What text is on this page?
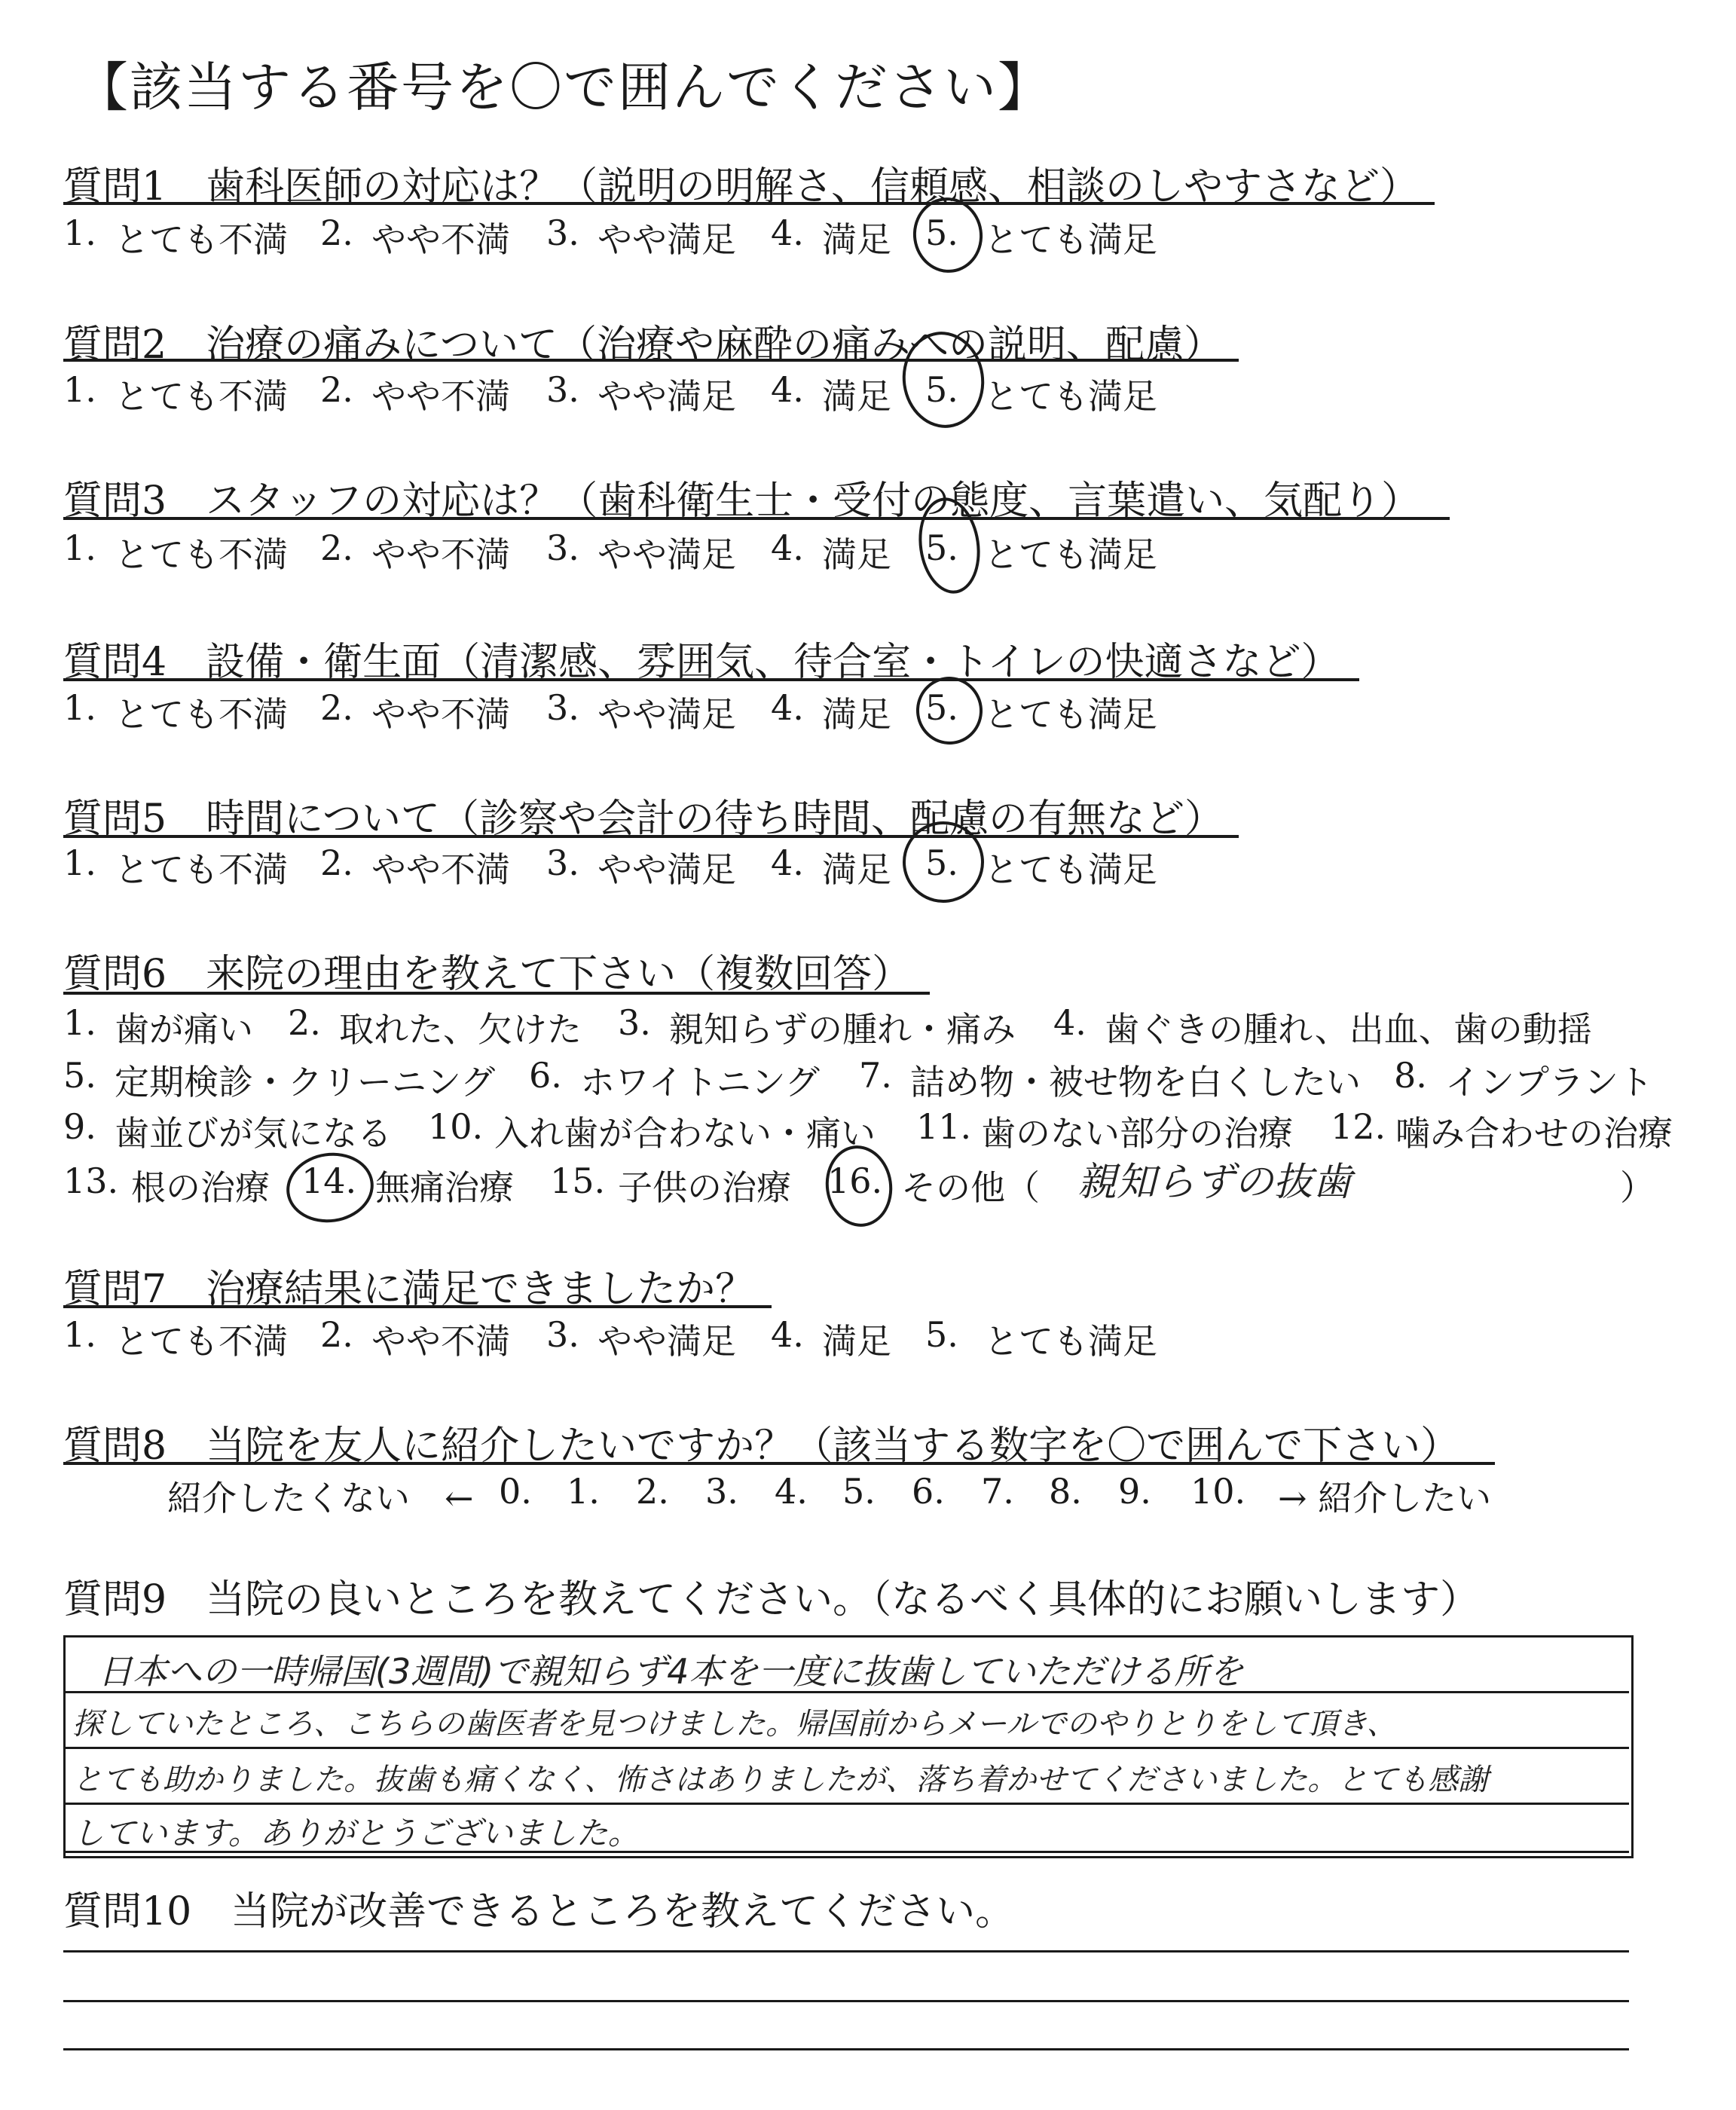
【該当する番号を〇で囲んでください】
質問1　歯科医師の対応は？（説明の明解さ、信頼感、相談のしやすさなど）
1. とても不満 2. やや不満 3. やや満足 4. 満足 5. とても満足
質問2　治療の痛みについて（治療や麻酔の痛みへの説明、配慮）
1. とても不満 2. やや不満 3. やや満足 4. 満足 5. とても満足
質問3　スタッフの対応は？（歯科衛生士・受付の態度、言葉遣い、気配り）
1. とても不満 2. やや不満 3. やや満足 4. 満足 5. とても満足
質問4　設備・衛生面（清潔感、雰囲気、待合室・トイレの快適さなど）
1. とても不満 2. やや不満 3. やや満足 4. 満足 5. とても満足
質問5　時間について（診察や会計の待ち時間、配慮の有無など）
1. とても不満 2. やや不満 3. やや満足 4. 満足 5. とても満足
質問6　来院の理由を教えて下さい（複数回答）
1. 歯が痛い 2. 取れた、欠けた 3. 親知らずの腫れ・痛み 4. 歯ぐきの腫れ、出血、歯の動揺
5. 定期検診・クリーニング 6. ホワイトニング 7. 詰め物・被せ物を白くしたい 8. インプラント
9. 歯並びが気になる 10. 入れ歯が合わない・痛い 11. 歯のない部分の治療 12. 噛み合わせの治療
13. 根の治療 14. 無痛治療 15. 子供の治療 16. その他（	）
親知らずの抜歯
質問7　治療結果に満足できましたか？
1. とても不満 2. やや不満 3. やや満足 4. 満足 5. とても満足
質問8　当院を友人に紹介したいですか？（該当する数字を〇で囲んで下さい）
紹介したくない　← 0. 1. 2. 3. 4. 5. 6. 7. 8. 9. 10. → 紹介したい
質問9　当院の良いところを教えてください。（なるべく具体的にお願いします）
日本への一時帰国(3週間)で親知らず4本を一度に抜歯していただける所を
探していたところ、こちらの歯医者を見つけました。帰国前からメールでのやりとりをして頂き、
とても助かりました。抜歯も痛くなく、怖さはありましたが、落ち着かせてくださいました。とても感謝
しています。ありがとうございました。
質問10　当院が改善できるところを教えてください。
